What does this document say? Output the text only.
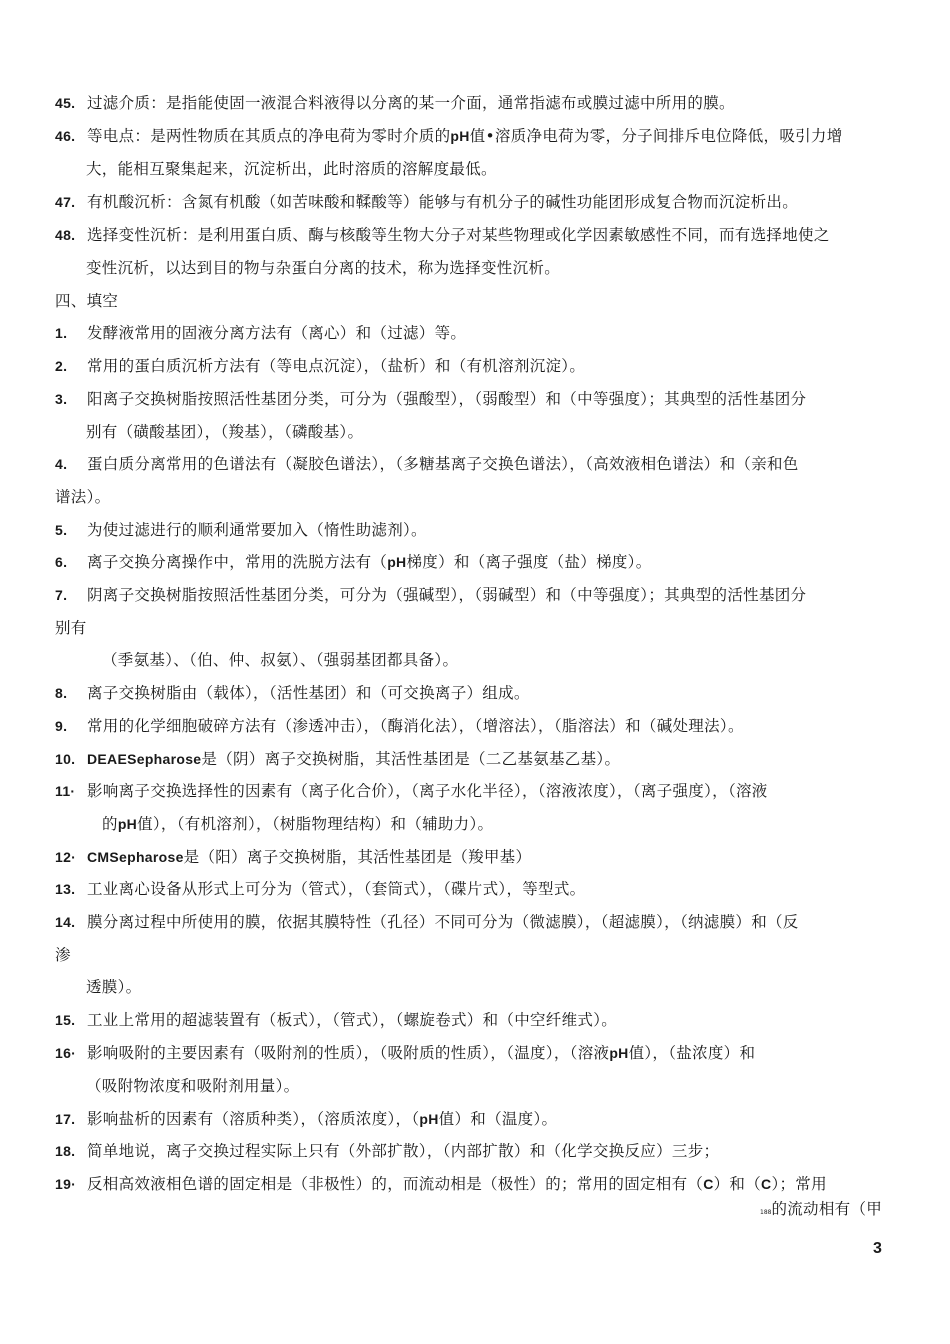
45. 过滤介质：是指能使固一液混合料液得以分离的某一介面，通常指滤布或膜过滤中所用的膜。
46. 等电点：是两性物质在其质点的净电荷为零时介质的pH值•溶质净电荷为零，分子间排斥电位降低，吸引力增
大，能相互聚集起来，沉淀析出，此时溶质的溶解度最低。
47. 有机酸沉析：含氮有机酸（如苦味酸和鞣酸等）能够与有机分子的碱性功能团形成复合物而沉淀析出。
48. 选择变性沉析：是利用蛋白质、酶与核酸等生物大分子对某些物理或化学因素敏感性不同，而有选择地使之
变性沉析，以达到目的物与杂蛋白分离的技术，称为选择变性沉析。
四、填空
1. 发酵液常用的固液分离方法有（离心）和（过滤）等。
2. 常用的蛋白质沉析方法有（等电点沉淀），（盐析）和（有机溶剂沉淀）。
3. 阳离子交换树脂按照活性基团分类，可分为（强酸型），（弱酸型）和（中等强度）；其典型的活性基团分
别有（磺酸基团），（羧基），（磷酸基）。
4. 蛋白质分离常用的色谱法有（凝胶色谱法），（多糖基离子交换色谱法），（高效液相色谱法）和（亲和色
谱法）。
5. 为使过滤进行的顺利通常要加入（惰性助滤剂）。
6. 离子交换分离操作中，常用的洗脱方法有（pH梯度）和（离子强度（盐）梯度）。
7. 阴离子交换树脂按照活性基团分类，可分为（强碱型），（弱碱型）和（中等强度）；其典型的活性基团分
别有
（季氨基）、（伯、仲、叔氨）、（强弱基团都具备）。
8. 离子交换树脂由（载体），（活性基团）和（可交换离子）组成。
9. 常用的化学细胞破碎方法有（渗透冲击），（酶消化法），（增溶法），（脂溶法）和（碱处理法）。
10. DEAESepharose是（阴）离子交换树脂，其活性基团是（二乙基氨基乙基）。
11· 影响离子交换选择性的因素有（离子化合价），（离子水化半径），（溶液浓度），（离子强度），（溶液
的pH值），（有机溶剂），（树脂物理结构）和（辅助力）。
12· CMSepharose是（阳）离子交换树脂，其活性基团是（羧甲基）
13. 工业离心设备从形式上可分为（管式），（套筒式），（碟片式），等型式。
14. 膜分离过程中所使用的膜，依据其膜特性（孔径）不同可分为（微滤膜），（超滤膜），（纳滤膜）和（反
渗
透膜）。
15. 工业上常用的超滤装置有（板式），（管式），（螺旋卷式）和（中空纤维式）。
16· 影响吸附的主要因素有（吸附剂的性质），（吸附质的性质），（温度），（溶液pH值），（盐浓度）和
（吸附物浓度和吸附剂用量）。
17. 影响盐析的因素有（溶质种类），（溶质浓度），（pH值）和（温度）。
18. 简单地说，离子交换过程实际上只有（外部扩散），（内部扩散）和（化学交换反应）三步；
19· 反相高效液相色谱的固定相是（非极性）的，而流动相是（极性）的；常用的固定相有（C）和（C）；常用
188的流动相有（甲
3
